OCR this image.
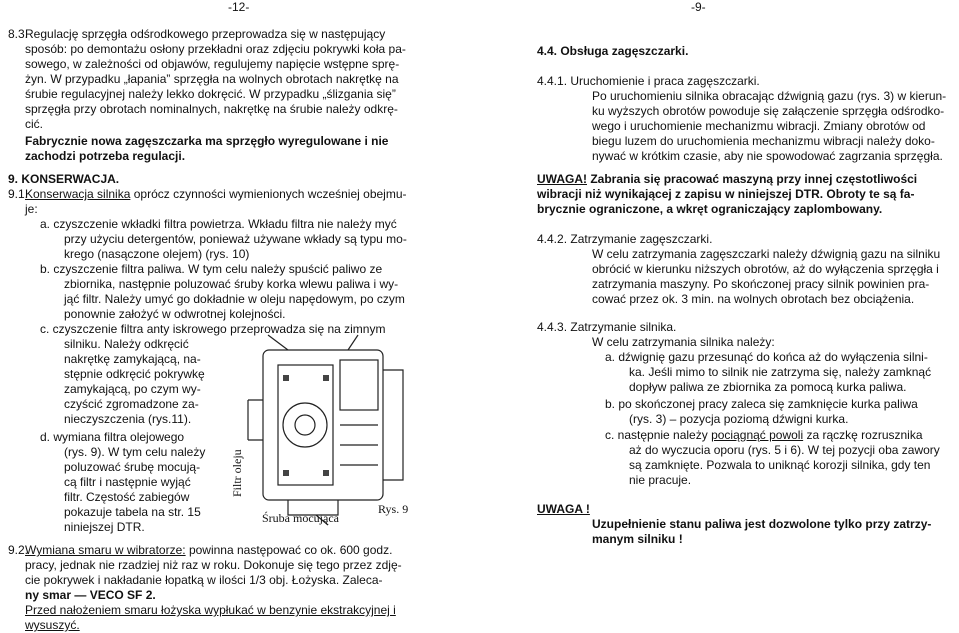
-12-	-9-
8.3.
Regulację sprzęgła odśrodkowego przeprowadza się w następujący
sposób: po demontażu osłony przekładni oraz zdjęciu pokrywki koła pa-
sowego, w zależności od objawów, regulujemy napięcie wstępne sprę-
żyn. W przypadku „łapania” sprzęgła na wolnych obrotach nakrętkę na
śrubie regulacyjnej należy lekko dokręcić. W przypadku „ślizgania się”
sprzęgła przy obrotach nominalnych, nakrętkę na śrubie należy odkrę-
cić.
Fabrycznie nowa zagęszczarka ma sprzęgło wyregulowane i nie
zachodzi potrzeba regulacji.
9. KONSERWACJA.
9.1.
Konserwacja silnika oprócz czynności wymienionych wcześniej obejmu-
je:
a. czyszczenie wkładki filtra powietrza. Wkładu filtra nie należy myć
przy użyciu detergentów, ponieważ używane wkłady są typu mo-
krego (nasączone olejem) (rys. 10)
b. czyszczenie filtra paliwa. W tym celu należy spuścić paliwo ze
zbiornika, następnie poluzować śruby korka wlewu paliwa i wy-
jąć filtr. Należy umyć go dokładnie w oleju napędowym, po czym
ponownie założyć w odwrotnej kolejności.
c. czyszczenie filtra anty iskrowego przeprowadza się na zimnym
silniku. Należy odkręcić
nakrętkę zamykającą, na-
stępnie odkręcić pokrywkę
zamykającą, po czym wy-
czyścić zgromadzone za-
nieczyszczenia (rys.11).
d. wymiana filtra olejowego
(rys. 9). W tym celu należy
poluzować śrubę mocują-
cą filtr i następnie wyjąć
filtr. Częstość zabiegów
pokazuje tabela na str. 15
niniejszej DTR.
Filtr oleju
Śruba mocująca
Rys. 9
9.2.
Wymiana smaru w wibratorze: powinna następować co ok. 600 godz.
pracy, jednak nie rzadziej niż raz w roku. Dokonuje się tego przez zdję-
cie pokrywek i nakładanie łopatką w ilości 1/3 obj. Łożyska. Zaleca-
ny smar — VECO SF 2.
Przed nałożeniem smaru łożyska wypłukać w benzynie ekstrakcyjnej i
wysuszyć.
4.4. Obsługa zagęszczarki.
4.4.1. Uruchomienie i praca zagęszczarki.
Po uruchomieniu silnika obracając dźwignią gazu (rys. 3) w kierun-
ku wyższych obrotów powoduje się załączenie sprzęgła odśrodko-
wego i uruchomienie mechanizmu wibracji. Zmiany obrotów od
biegu luzem do uruchomienia mechanizmu wibracji należy doko-
nywać w krótkim czasie, aby nie spowodować zagrzania sprzęgła.
UWAGA! Zabrania się pracować maszyną przy innej częstotliwości
wibracji niż wynikającej z zapisu w niniejszej DTR. Obroty te są fa-
brycznie ograniczone, a wkręt ograniczający zaplombowany.
4.4.2. Zatrzymanie zagęszczarki.
W celu zatrzymania zagęszczarki należy dźwignią gazu na silniku
obrócić w kierunku niższych obrotów, aż do wyłączenia sprzęgła i
zatrzymania maszyny. Po skończonej pracy silnik powinien pra-
cować przez ok. 3 min. na wolnych obrotach bez obciążenia.
4.4.3. Zatrzymanie silnika.
W celu zatrzymania silnika należy:
a. dźwignię gazu przesunąć do końca aż do wyłączenia silni-
ka. Jeśli mimo to silnik nie zatrzyma się, należy zamknąć
dopływ paliwa ze zbiornika za pomocą kurka paliwa.
b. po skończonej pracy zaleca się zamknięcie kurka paliwa
(rys. 3) – pozycja poziomą dźwigni kurka.
c. następnie należy pociągnąć powoli za rączkę rozrusznika
aż do wyczucia oporu (rys. 5 i 6). W tej pozycji oba zawory
są zamknięte. Pozwala to uniknąć korozji silnika, gdy ten
nie pracuje.
UWAGA !
Uzupełnienie stanu paliwa jest dozwolone tylko przy zatrzy-
manym silniku !
